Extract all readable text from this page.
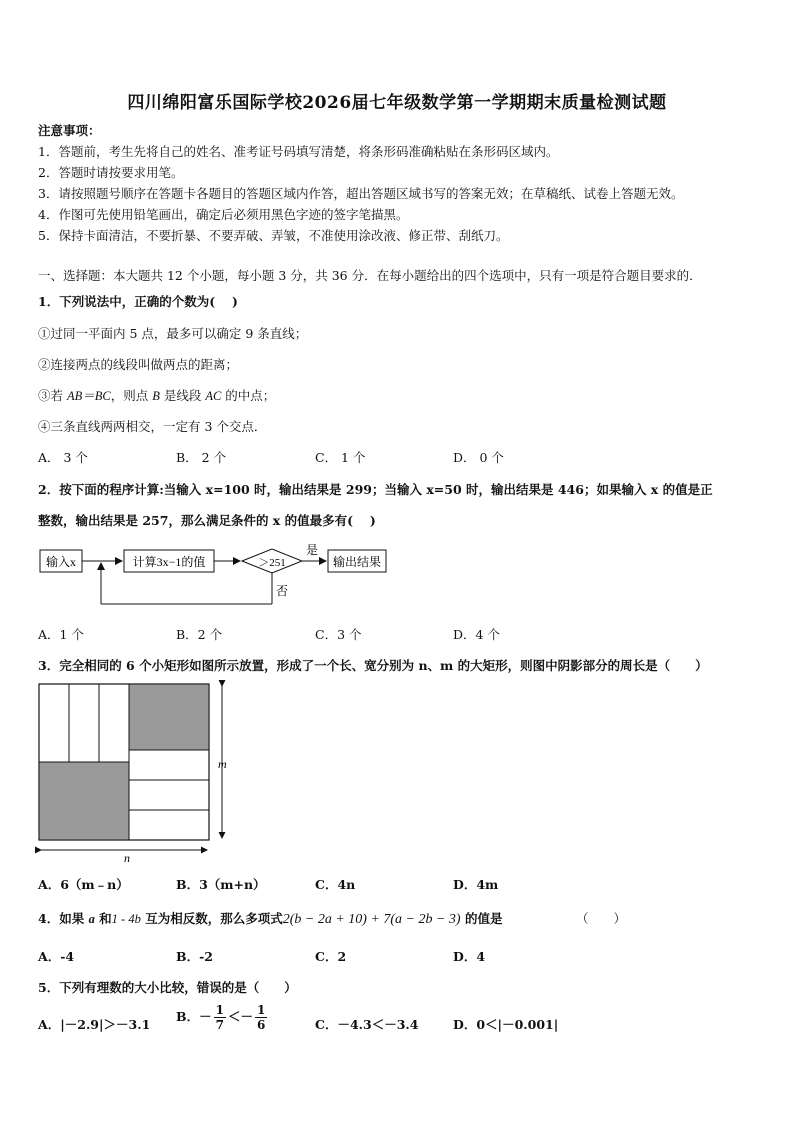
四川绵阳富乐国际学校2026届七年级数学第一学期期末质量检测试题
注意事项：
1．答题前，考生先将自己的姓名、准考证号码填写清楚，将条形码准确粘贴在条形码区域内。
2．答题时请按要求用笔。
3．请按照题号顺序在答题卡各题目的答题区域内作答，超出答题区域书写的答案无效；在草稿纸、试卷上答题无效。
4．作图可先使用铅笔画出，确定后必须用黑色字迹的签字笔描黑。
5．保持卡面清洁，不要折暴、不要弄破、弄皱，不准使用涂改液、修正带、刮纸刀。
一、选择题：本大题共 12 个小题，每小题 3 分，共 36 分．在每小题给出的四个选项中，只有一项是符合题目要求的．
1．下列说法中，正确的个数为(　 )
①过同一平面内 5 点，最多可以确定 9 条直线；
②连接两点的线段叫做两点的距离；
③若 AB＝BC，则点 B 是线段 AC 的中点；
④三条直线两两相交，一定有 3 个交点．
A． 3 个	B． 2 个	C． 1 个	D． 0 个
2．按下面的程序计算:当输入 x=100 时，输出结果是 299；当输入 x=50 时，输出结果是 446；如果输入 x 的值是正
整数，输出结果是 257，那么满足条件的 x 的值最多有(　 )
输入x	计算3x−1的值	＞251
是
输出结果
否
A．1 个	B．2 个	C．3 个	D．4 个
3．完全相同的 6 个小矩形如图所示放置，形成了一个长、宽分别为 n、m 的大矩形，则图中阴影部分的周长是（　　）
m
n
A．6（m﹣n）	B．3（m+n）	C．4n	D．4m
4．如果 a 和1 - 4b 互为相反数，那么多项式2(b − 2a + 10) + 7(a − 2b − 3) 的值是	（　　）
A．-4	B．-2	C．2	D．4
5．下列有理数的大小比较，错误的是（　　）
A．|－2.9|＞－3.1
B．－ $\frac{1}{7} <- \frac{1}{6}$	C．－4.3＜－3.4	D．0＜|－0.001|
